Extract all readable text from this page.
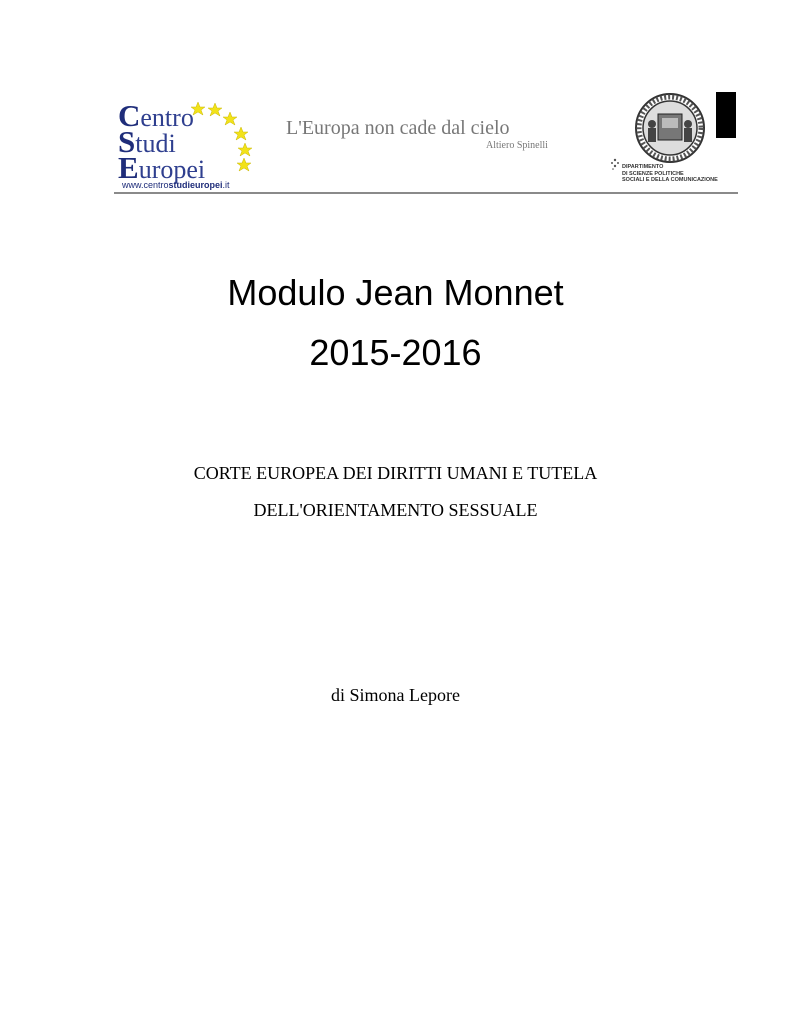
Centro
Studi
Europei
www.centrostudieuropei.it
L'Europa non cade dal cielo
Altiero Spinelli
DIPARTIMENTO
DI SCIENZE POLITICHE
SOCIALI E DELLA COMUNICAZIONE
Modulo Jean Monnet
2015-2016
CORTE EUROPEA DEI DIRITTI UMANI E TUTELA
DELL'ORIENTAMENTO SESSUALE
di Simona Lepore
